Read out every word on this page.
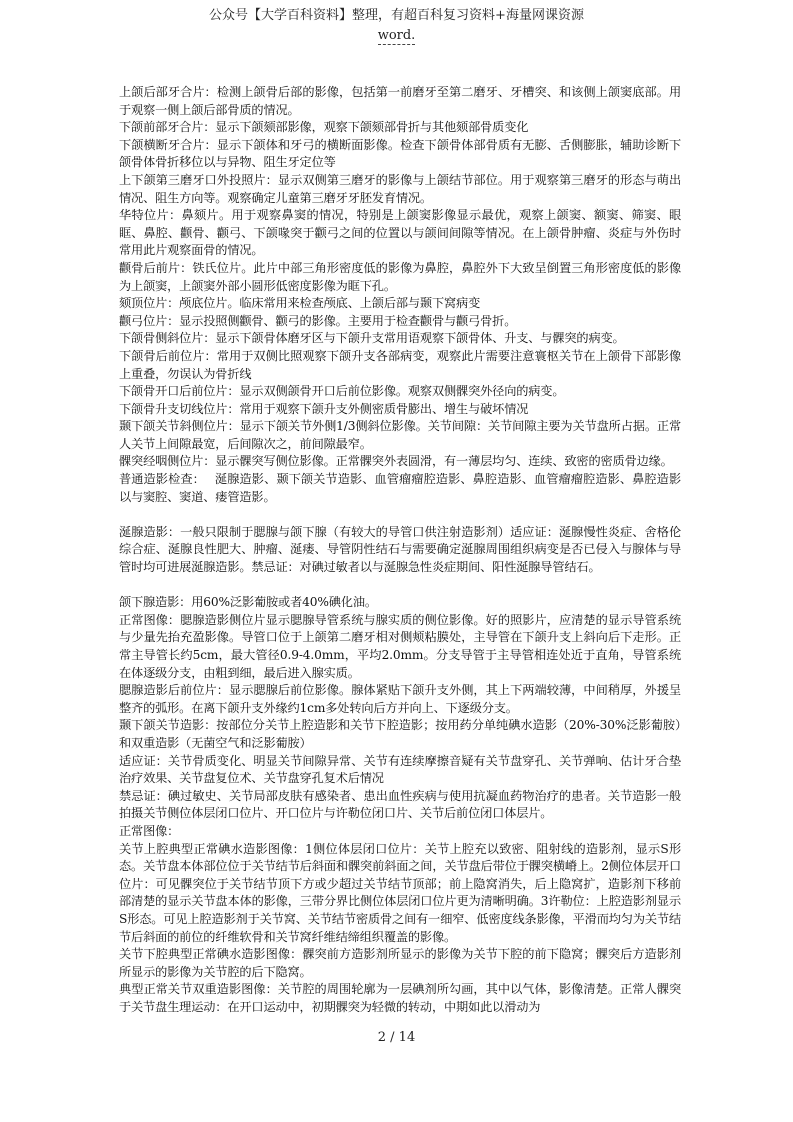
公众号【大学百科资料】整理，有超百科复习资料+海量网课资源
word.

上颌后部牙合片：检测上颌骨后部的影像，包括第一前磨牙至第二磨牙、牙槽突、和该侧上颌窦底部。用于观察一侧上颌后部骨质的情况。

下颌前部牙合片：显示下颌颏部影像，观察下颌颏部骨折与其他颏部骨质变化

下颌横断牙合片：显示下颌体和牙弓的横断面影像。检查下颌骨体部骨质有无膨、舌侧膨胀，辅助诊断下颌骨体骨折移位以与异物、阻生牙定位等

上下颌第三磨牙口外投照片：显示双侧第三磨牙的影像与上颌结节部位。用于观察第三磨牙的形态与萌出情况、阻生方向等。观察确定儿童第三磨牙牙胚发育情况。

华特位片：鼻颏片。用于观察鼻窦的情况，特别是上颌窦影像显示最优，观察上颌窦、额窦、筛窦、眼眶、鼻腔、颧骨、颧弓、下颌喙突于颧弓之间的位置以与颌间间隙等情况。在上颌骨肿瘤、炎症与外伤时常用此片观察面骨的情况。

颧骨后前片：铁氏位片。此片中部三角形密度低的影像为鼻腔，鼻腔外下大致呈倒置三角形密度低的影像为上颌窦，上颌窦外部小圆形低密度影像为眶下孔。

颏顶位片：颅底位片。临床常用来检查颅底、上颌后部与颞下窝病变

颧弓位片：显示投照侧颧骨、颧弓的影像。主要用于检查颧骨与颧弓骨折。

下颌骨侧斜位片：显示下颌骨体磨牙区与下颌升支常用语观察下颌骨体、升支、与髁突的病变。

下颌骨后前位片：常用于双侧比照观察下颌升支各部病变，观察此片需要注意寰枢关节在上颌骨下部影像上重叠，勿误认为骨折线

下颌骨开口后前位片：显示双侧颌骨开口后前位影像。观察双侧髁突外径向的病变。

下颌骨升支切线位片：常用于观察下颌升支外侧密质骨膨出、增生与破坏情况

颞下颌关节斜侧位片：显示下颌关节外侧1/3侧斜位影像。关节间隙：关节间隙主要为关节盘所占据。正常人关节上间隙最宽，后间隙次之，前间隙最窄。

髁突经咽侧位片：显示髁突写侧位影像。正常髁突外表圆滑，有一薄层均匀、连续、致密的密质骨边缘。

普通造影检查：　 涎腺造影、颞下颌关节造影、血管瘤瘤腔造影、鼻腔造影、血管瘤瘤腔造影、鼻腔造影以与窦腔、窦道、瘘管造影。

涎腺造影：一般只限制于腮腺与颌下腺（有较大的导管口供注射造影剂）适应证：涎腺慢性炎症、舍格伦综合症、涎腺良性肥大、肿瘤、涎瘘、导管阴性结石与需要确定涎腺周围组织病变是否已侵入与腺体与导管时均可进展涎腺造影。禁忌证：对碘过敏者以与涎腺急性炎症期间、阳性涎腺导管结石。

颌下腺造影：用60%泛影葡胺或者40%碘化油。

正常图像：腮腺造影侧位片显示腮腺导管系统与腺实质的侧位影像。好的照影片，应清楚的显示导管系统与少量先抬充盈影像。导管口位于上颌第二磨牙相对侧颊粘膜处，主导管在下颌升支上斜向后下走形。正常主导管长约5cm，最大管径0.9-4.0mm，平均2.0mm。分支导管于主导管相连处近于直角，导管系统在体逐级分支，由粗到细，最后进入腺实质。

腮腺造影后前位片：显示腮腺后前位影像。腺体紧贴下颌升支外侧，其上下两端较薄，中间稍厚，外援呈整齐的弧形。在离下颌升支外缘约1cm多处转向后方并向上、下逐级分支。

颞下颌关节造影：按部位分关节上腔造影和关节下腔造影；按用药分单纯碘水造影（20%-30%泛影葡胺）和双重造影（无菌空气和泛影葡胺）

适应证：关节骨质变化、明显关节间隙异常、关节有连续摩擦音疑有关节盘穿孔、关节弹响、估计牙合垫治疗效果、关节盘复位术、关节盘穿孔复术后情况

禁忌证：碘过敏史、关节局部皮肤有感染者、患出血性疾病与使用抗凝血药物治疗的患者。关节造影一般拍摄关节侧位体层闭口位片、开口位片与许勒位闭口片、关节后前位闭口体层片。

正常图像：

关节上腔典型正常碘水造影图像：1侧位体层闭口位片：关节上腔充以致密、阻射线的造影剂，显示S形态。关节盘本体部位位于关节结节后斜面和髁突前斜面之间，关节盘后带位于髁突横嵴上。2侧位体层开口位片：可见髁突位于关节结节顶下方或少超过关节结节顶部；前上隐窝消失，后上隐窝扩，造影剂下移前部清楚的显示关节盘本体的影像，三带分界比侧位体层闭口位片更为清晰明确。3许勒位：上腔造影剂显示S形态。可见上腔造影剂于关节窝、关节结节密质骨之间有一细窄、低密度线条影像，平滑而均匀为关节结节后斜面的前位的纤维软骨和关节窝纤维结缔组织覆盖的影像。

关节下腔典型正常碘水造影图像：髁突前方造影剂所显示的影像为关节下腔的前下隐窝；髁突后方造影剂所显示的影像为关节腔的后下隐窝。

典型正常关节双重造影图像：关节腔的周围轮廓为一层碘剂所勾画，其中以气体，影像清楚。正常人髁突于关节盘生理运动：在开口运动中，初期髁突为轻微的转动，中期如此以滑动为

2 / 14
